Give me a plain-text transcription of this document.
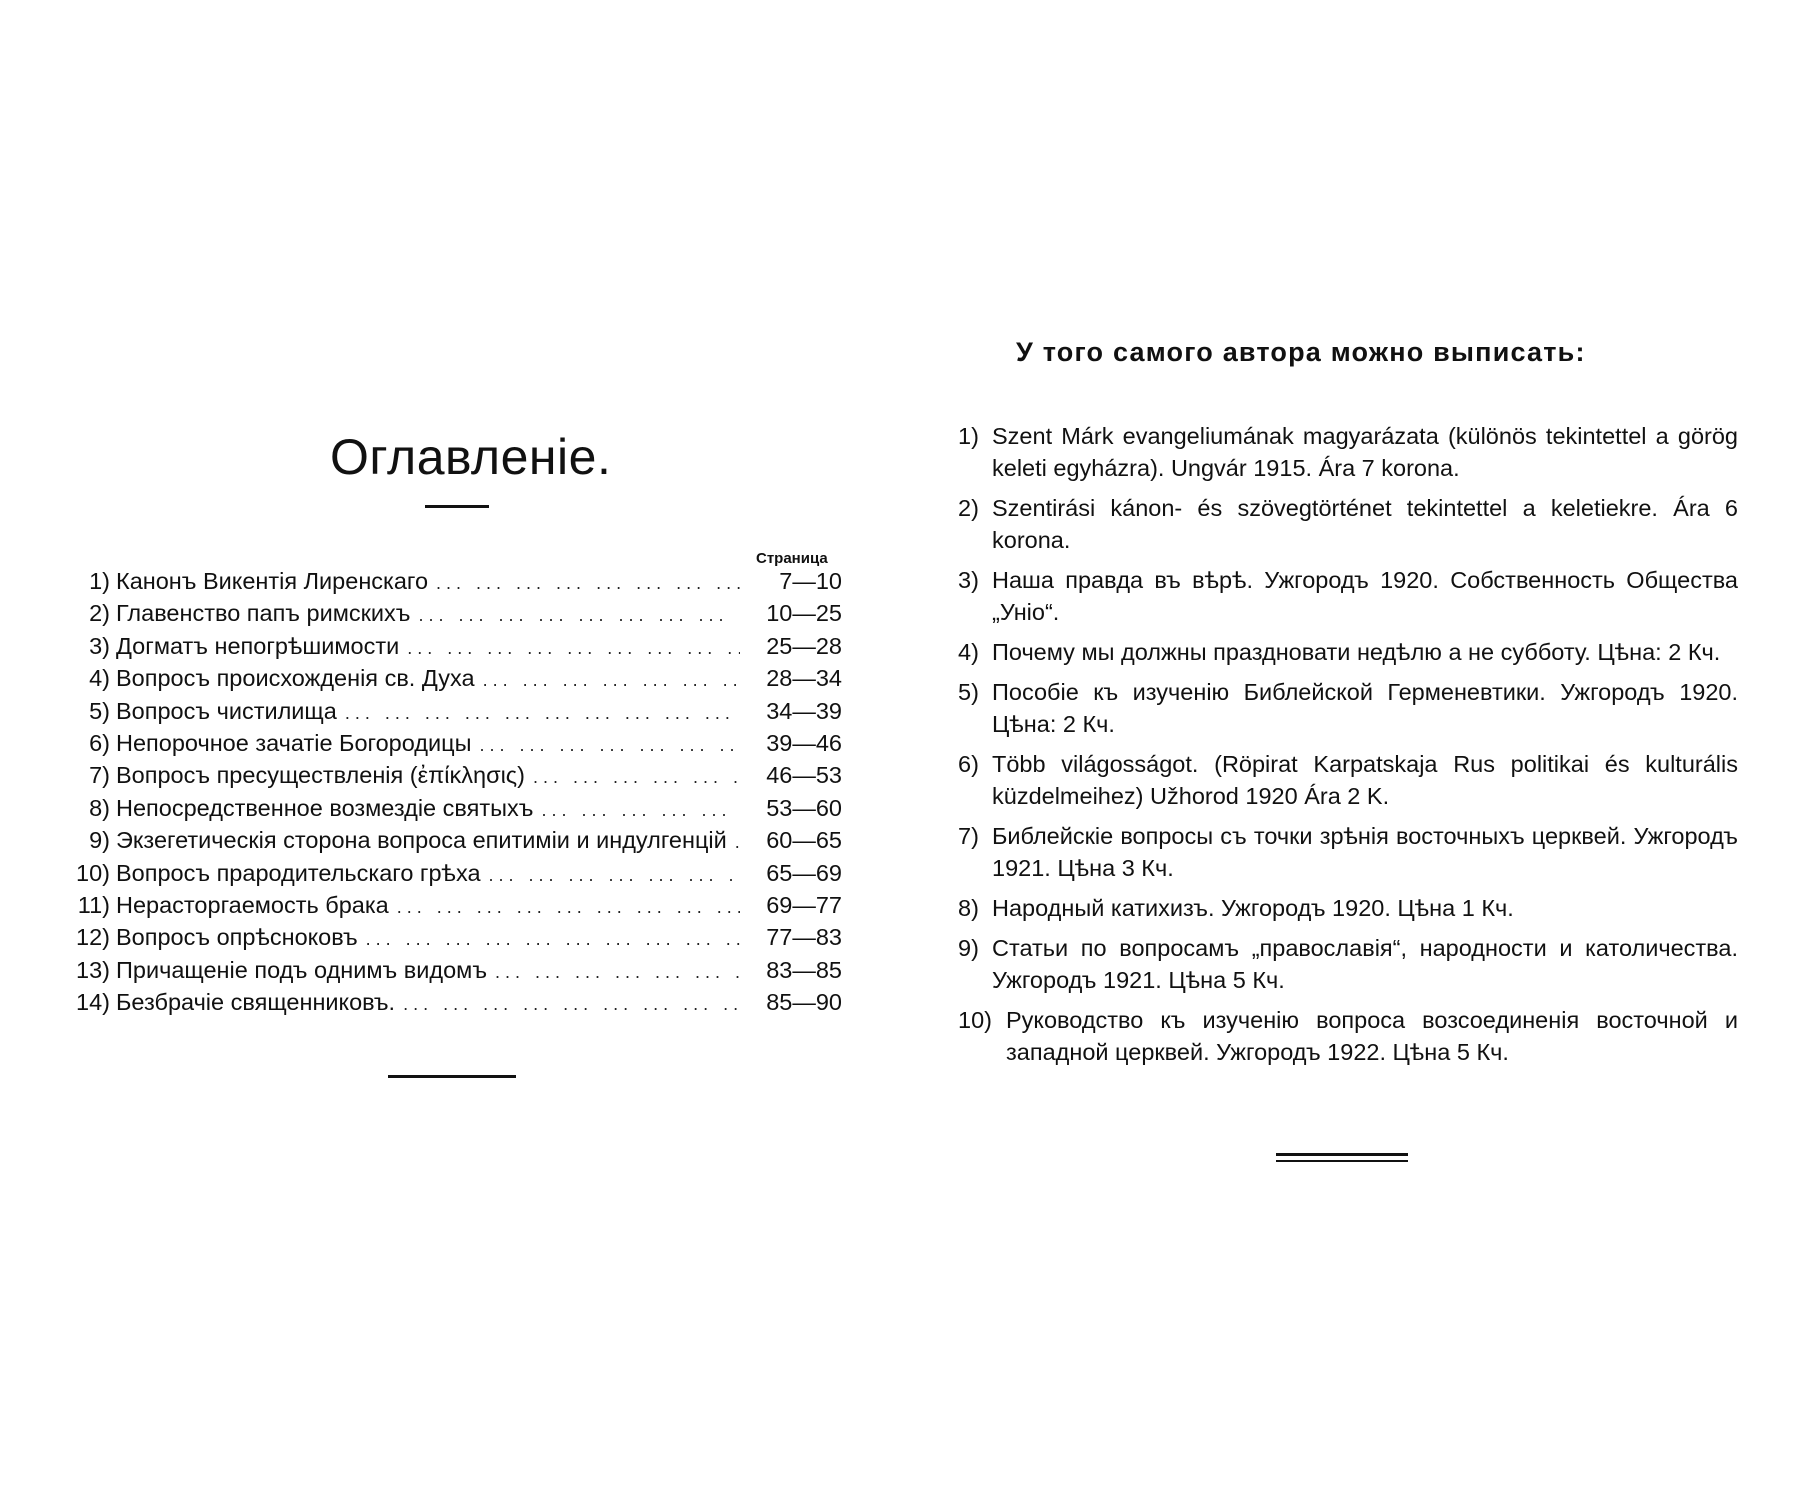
Оглавленіе.
Страница
1) Канонъ Викентія Лиренскаго ... .	7—10
2) Главенство папъ римскихъ ... .	10—25
3) Догматъ непогрѣшимости ... .	25—28
4) Вопросъ происхожденія св. Духа ... .	28—34
5) Вопросъ чистилища ... .	34—39
6) Непорочное зачатіе Богородицы ... .	39—46
7) Вопросъ пресуществленія (ἐπίκλησις) ... .	46—53
8) Непосредственное возмездіе святыхъ ... .	53—60
9) Экзегетическія сторона вопроса епитиміи и индулгенцій ... .	60—65
10) Вопросъ прародительскаго грѣха ... .	65—69
11) Нерасторгаемость брака ... .	69—77
12) Вопросъ опрѣсноковъ ... .	77—83
13) Причащеніе подъ однимъ видомъ ... .	83—85
14) Безбрачіе священниковъ. ... .	85—90
У того самого автора можно выписать:
1) Szent Márk evangeliumának magyarázata (különös tekintettel a görög keleti egyházra). Ungvár 1915. Ára 7 korona.
2) Szentirási kánon- és szövegtörténet tekintettel a keletiekre. Ára 6 korona.
3) Наша правда въ вѣрѣ. Ужгородъ 1920. Собственность Общества „Уніо“.
4) Почему мы должны праздновати недѣлю а не субботу. Цѣна: 2 Кч.
5) Пособіе къ изученію Библейской Герменевтики. Ужгородъ 1920. Цѣна: 2 Кч.
6) Több világosságot. (Röpirat Karpatskaja Rus politikai és kulturális küzdelmeihez) Užhorod 1920 Ára 2 K.
7) Библейскіе вопросы съ точки зрѣнія восточныхъ церквей. Ужгородъ 1921. Цѣна 3 Кч.
8) Народный катихизъ. Ужгородъ 1920. Цѣна 1 Кч.
9) Статьи по вопросамъ „православія“, народности и католичества. Ужгородъ 1921. Цѣна 5 Кч.
10) Руководство къ изученію вопроса возсоединенія восточной и западной церквей. Ужгородъ 1922. Цѣна 5 Кч.
